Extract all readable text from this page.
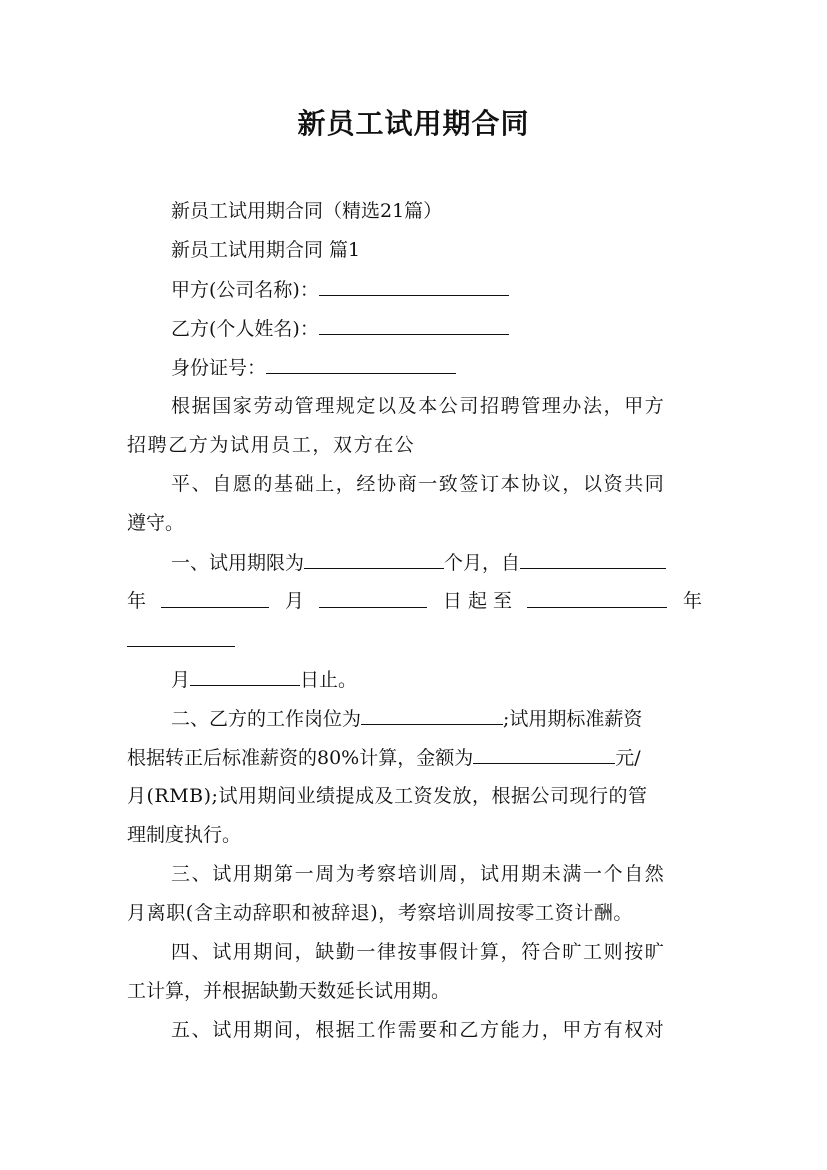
新员工试用期合同
新员工试用期合同（精选21篇）
新员工试用期合同 篇1
甲方(公司名称)：
乙方(个人姓名)：
身份证号：
根据国家劳动管理规定以及本公司招聘管理办法，甲方
招聘乙方为试用员工，双方在公
平、自愿的基础上，经协商一致签订本协议，以资共同
遵守。
一、试用期限为	个月，自
年	月	日 起 至	年
月	日止。
二、乙方的工作岗位为	;试用期标准薪资
根据转正后标准薪资的80%计算，金额为	元/
月(RMB);试用期间业绩提成及工资发放，根据公司现行的管
理制度执行。
三、试用期第一周为考察培训周，试用期未满一个自然
月离职(含主动辞职和被辞退)，考察培训周按零工资计酬。
四、试用期间，缺勤一律按事假计算，符合旷工则按旷
工计算，并根据缺勤天数延长试用期。
五、试用期间，根据工作需要和乙方能力，甲方有权对
